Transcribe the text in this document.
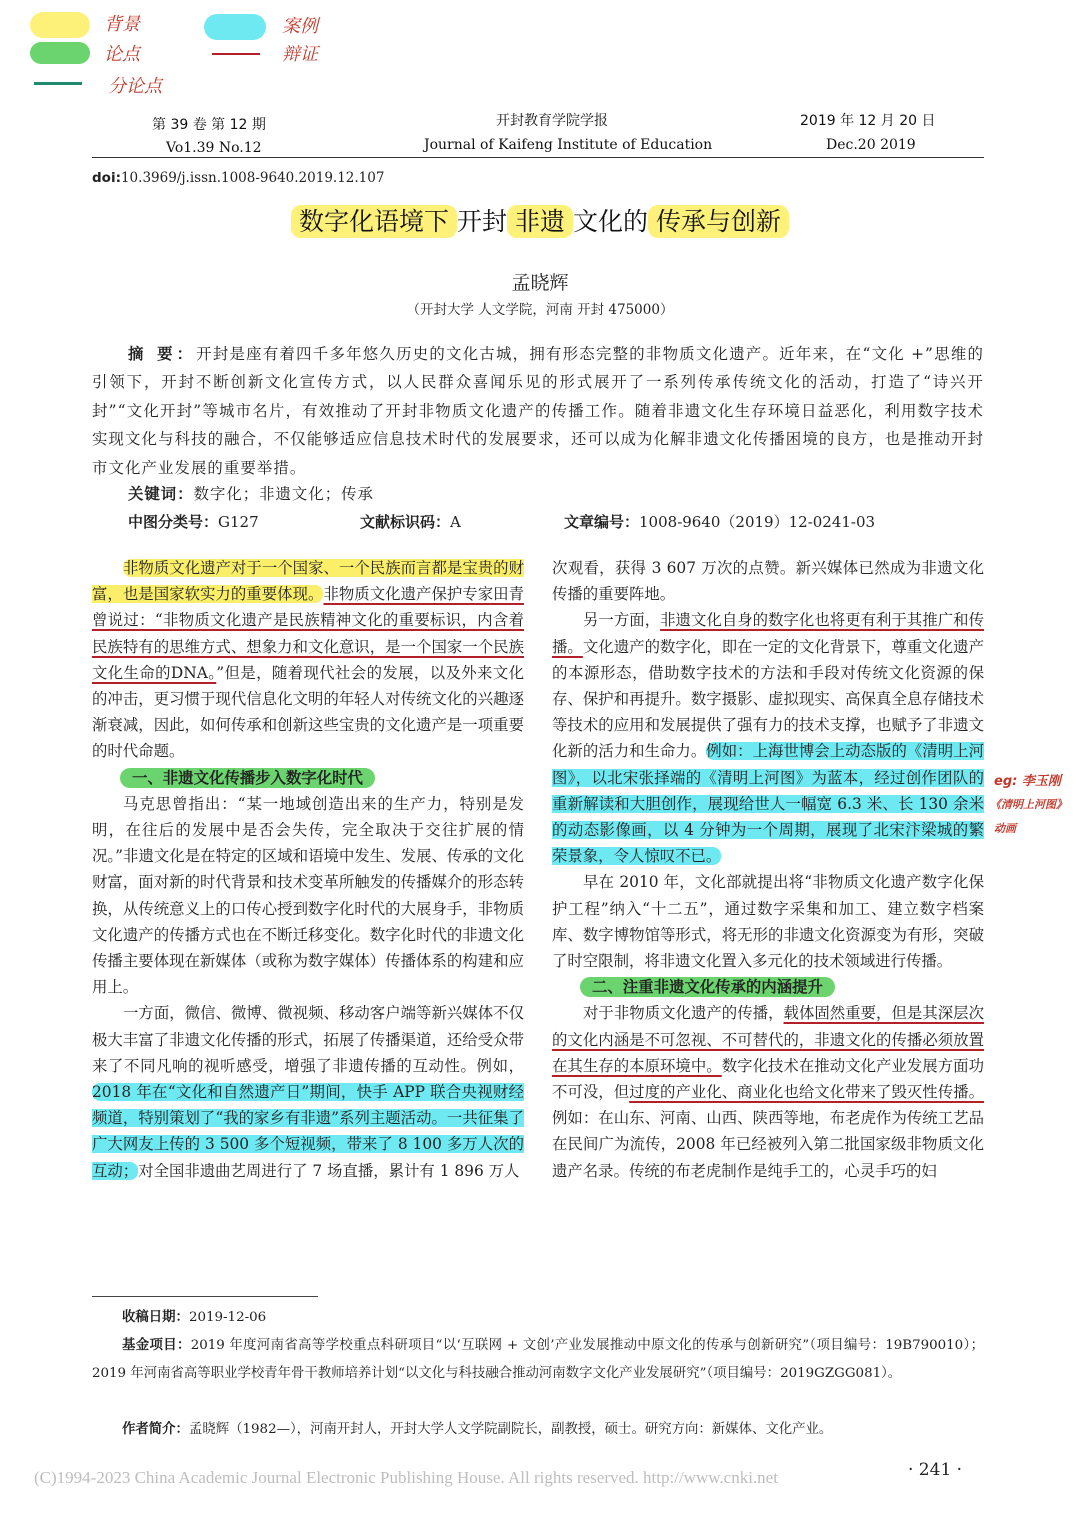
背景
论点
分论点
案例
辩证
第 39 卷 第 12 期
Vo1.39 No.12
开封教育学院学报
Journal of Kaifeng Institute of Education
2019 年 12 月 20 日
Dec.20 2019
doi:10.3969/j.issn.1008-9640.2019.12.107
数字化语境下 开封 非遗 文化的 传承与创新
孟晓辉
（开封大学 人文学院，河南 开封 475000）
摘 要：开封是座有着四千多年悠久历史的文化古城，拥有形态完整的非物质文化遗产。近年来，在“文化 +”思维的引领下，开封不断创新文化宣传方式，以人民群众喜闻乐见的形式展开了一系列传承传统文化的活动，打造了“诗兴开封”“文化开封”等城市名片，有效推动了开封非物质文化遗产的传播工作。随着非遗文化生存环境日益恶化，利用数字技术实现文化与科技的融合，不仅能够适应信息技术时代的发展要求，还可以成为化解非遗文化传播困境的良方，也是推动开封市文化产业发展的重要举措。
关键词：数字化；非遗文化；传承
中图分类号：G127	文献标识码：A	文章编号：1008-9640（2019）12-0241-03

非物质文化遗产对于一个国家、一个民族而言都是宝贵的财富，也是国家软实力的重要体现。非物质文化遗产保护专家田青曾说过：“非物质文化遗产是民族精神文化的重要标识，内含着民族特有的思维方式、想象力和文化意识，是一个国家一个民族文化生命的DNA。”但是，随着现代社会的发展，以及外来文化的冲击，更习惯于现代信息化文明的年轻人对传统文化的兴趣逐渐衰减，因此，如何传承和创新这些宝贵的文化遗产是一项重要的时代命题。

一、非遗文化传播步入数字化时代

马克思曾指出：“某一地域创造出来的生产力，特别是发明，在往后的发展中是否会失传，完全取决于交往扩展的情况。”非遗文化是在特定的区域和语境中发生、发展、传承的文化财富，面对新的时代背景和技术变革所触发的传播媒介的形态转换，从传统意义上的口传心授到数字化时代的大展身手，非物质文化遗产的传播方式也在不断迁移变化。数字化时代的非遗文化传播主要体现在新媒体（或称为数字媒体）传播体系的构建和应用上。

一方面，微信、微博、微视频、移动客户端等新兴媒体不仅极大丰富了非遗文化传播的形式，拓展了传播渠道，还给受众带来了不同凡响的视听感受，增强了非遗传播的互动性。例如，2018 年在“文化和自然遗产日”期间，快手 APP 联合央视财经频道，特别策划了“我的家乡有非遗”系列主题活动。一共征集了广大网友上传的 3 500 多个短视频，带来了 8 100 多万人次的互动；对全国非遗曲艺周进行了 7 场直播，累计有 1 896 万人

次观看，获得 3 607 万次的点赞。新兴媒体已然成为非遗文化传播的重要阵地。

另一方面，非遗文化自身的数字化也将更有利于其推广和传播。文化遗产的数字化，即在一定的文化背景下，尊重文化遗产的本源形态，借助数字技术的方法和手段对传统文化资源的保存、保护和再提升。数字摄影、虚拟现实、高保真全息存储技术等技术的应用和发展提供了强有力的技术支撑，也赋予了非遗文化新的活力和生命力。例如：上海世博会上动态版的《清明上河图》，以北宋张择端的《清明上河图》为蓝本，经过创作团队的重新解读和大胆创作，展现给世人一幅宽 6.3 米、长 130 余米的动态影像画，以 4 分钟为一个周期，展现了北宋汴梁城的繁荣景象，令人惊叹不已。

早在 2010 年，文化部就提出将“非物质文化遗产数字化保护工程”纳入“十二五”，通过数字采集和加工、建立数字档案库、数字博物馆等形式，将无形的非遗文化资源变为有形，突破了时空限制，将非遗文化置入多元化的技术领域进行传播。

二、注重非遗文化传承的内涵提升

对于非物质文化遗产的传播，载体固然重要，但是其深层次的文化内涵是不可忽视、不可替代的，非遗文化的传播必须放置在其生存的本原环境中。数字化技术在推动文化产业发展方面功不可没，但过度的产业化、商业化也给文化带来了毁灭性传播。例如：在山东、河南、山西、陕西等地，布老虎作为传统工艺品在民间广为流传，2008 年已经被列入第二批国家级非物质文化遗产名录。传统的布老虎制作是纯手工的，心灵手巧的妇

eg: 李玉刚
《清明上河图》
动画
收稿日期：2019-12-06
基金项目：2019 年度河南省高等学校重点科研项目“以‘互联网 + 文创’产业发展推动中原文化的传承与创新研究”（项目编号：19B790010）；2019 年河南省高等职业学校青年骨干教师培养计划“以文化与科技融合推动河南数字文化产业发展研究”（项目编号：2019GZGG081）。
作者简介：孟晓辉（1982—），河南开封人，开封大学人文学院副院长，副教授，硕士。研究方向：新媒体、文化产业。
(C)1994-2023 China Academic Journal Electronic Publishing House. All rights reserved. http://www.cnki.net	· 241 ·
